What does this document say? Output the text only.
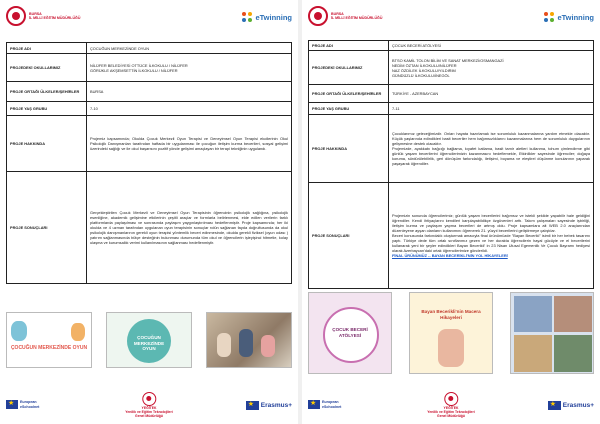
BURSA
İL MİLLİ EĞİTİM MÜDÜRLÜĞÜ	eTwinning
PROJE ADI	ÇOCUĞUN MERKEZİNDE OYUN

PROJEDEKİ OKULLARIMIZ	NİLÜFER BELEDİYESİ OTTÜCE İLKOKULU / NİLÜFER

GÖRÜKLE AKŞEMSETTİN İLKOKULU / NİLÜFER

PROJE ORTAĞI ÜLKELER/ŞEHİRLER	BURSA

PROJE YAŞ GRUBU	7-10

PROJE HAKKINDA	Projemiz kapsamında; Okulda Çocuk Merkezli Oyun Terapisi ve Deneyimsel Oyun Terapisi ekollerinin Okul Psikolojik Danışmanları tarafından haftada bir uygulanması ile çocuğun iletişim kurma becerileri, sosyal gelişimi üzerindeki sağlığı ve ile okul başarısını pozitif yönde gelişimi amaçlayan bir terapi tekniğinin uygulandı.

PROJE SONUÇLARI	Gerçekleştirilen Çocuk Merkezli ve Deneyimsel Oyun Terapisinin öğrencinin psikolojik sağlığına, psikolojik esenliğine, akademik gelişimine etkilerinin çeşitli araçlar ve formlarla belirlenmesi, elde edilen verilerin farklı platformlarda paylaşılması ve sonrasında paylaşım yaygınlaştırılması hedeflenmiştir. Proje kapsamında; her iki okulda ve 4 uzman tarafından uygulanan oyun terapisinin sonuçlar rolün sağlanan fayda doğrultusunda da okul psikolojik danışmanlarının gerekli oyun terapisi yöntemlik beceri edinmesinde, okulda gerekli fiziksel (oyun odası ) yatırım sağlanmasında bütçe desteğinin bulunması durumunda tüm okul ve öğrencilerin işleyişinci hitmetle, kolay ulaşma ve kurumsallık verimi kullanılmasının sağlanması hedeflenmiştir.

ÇOCUĞUN MERKEZİNDE OYUN
ÇOCUĞUN MERKEZİNDE OYUN
★
European
eSchoolnet	YEĞİTEK
Yenilik ve Eğitim Teknolojileri
Genel Müdürlüğü
★
Erasmus+
BURSA
İL MİLLİ EĞİTİM MÜDÜRLÜĞÜ	eTwinning
PROJE ADI	ÇOCUK BECERİ ATÖLYESİ

PROJEDEKİ OKULLARIMIZ	BTSO KAMİL TOLON BİLİM VE SANAT MERKEZİ/OSMANGAZİ

NEDİM ÖZTAN İLKOKULU/NİLÜFER

NAZ ÖZDİLEK İLKOKULU/YILDIRIM

GÜNDÜZLÜ İLKOKULU/İNEGÖL

PROJE ORTAĞI ÜLKELER/ŞEHİRLER	TÜRKİYE - AZERBAYCAN

PROJE YAŞ GRUBU	7-11

PROJE HAKKINDA	Çocuklarımız geleceğimizdir. Onları hayata hazırlamak ise sorumluluk kazanmalarına yardım etmekle olacaktır. Küçük yaşlarında edindikleri basit beceriler hem bağımsızlıklarını kazanmalarına hem de sorumluluk duygularının gelişmesine destek olacaktır.

Projemizde, ayakkabı bağcığı bağlama, kıyafet katlama, basit tamir aletleri kullanma, tohum çimlendirme gibi günlük yaşam becerilerini öğrencilerimizin kazanmasını hedeflemekle, Etkinlikler sayesinde öğrenciler; doğaya koruma, sürdürülebilirlik, geri dönüşüm farkındalığı, iletişimi, boyama ve eleştirel düşünme konularının yaparak yaşayarak öğrendiler.

PROJE SONUÇLARI	Projemizin sonunda öğrencilerimiz; günlük yaşam becerilerini bağımsız ve istekli şekilde yapabilir hale geldiğini öğrendiler. Kendi ihtiyaçlarını kendileri karşılayabildikçe özgüvenleri arttı. Takım çalışmaları sayesinde işbirliği, iletişim kurma ve paylaşım yapma becerileri de artmış oldu. Proje kapsamlara ait WEB 2.0 araçlarından düzenleyene ayşan olanların kullanımını öğrenerek 21. yüzyıl becerilerini geliştirmeye çalıştılar.

Beceri konusunda farkındalık oluşturmak amacıyla final ürünümüzde "Bayan Beceriki" isimli bir her bebek tasarımı yaptı. Türkiye dede tüm ortak sınıflarımız gezen ve her durakta öğrencilerin hayal gücüyle ve el becerilerini kullanarak yeni bir şeyler edindikleri Bayan Becerikli' in 23 Nisan Ulusal Egemenlik Ve Çocuk Bayramı hediyesi olarak Azerbaycan'daki ortak öğrencilerimize gönderildi.

FİNAL ÜRÜNÜMÜZ -- BAYAN BECERİKLİ'NİN YOL HİKAYELERİ

ÇOCUK BECERİ ATÖLYESİ
Bayan Becerikli'nin Macera Hikayeleri
★
European
eSchoolnet	YEĞİTEK
Yenilik ve Eğitim Teknolojileri
Genel Müdürlüğü
★
Erasmus+
